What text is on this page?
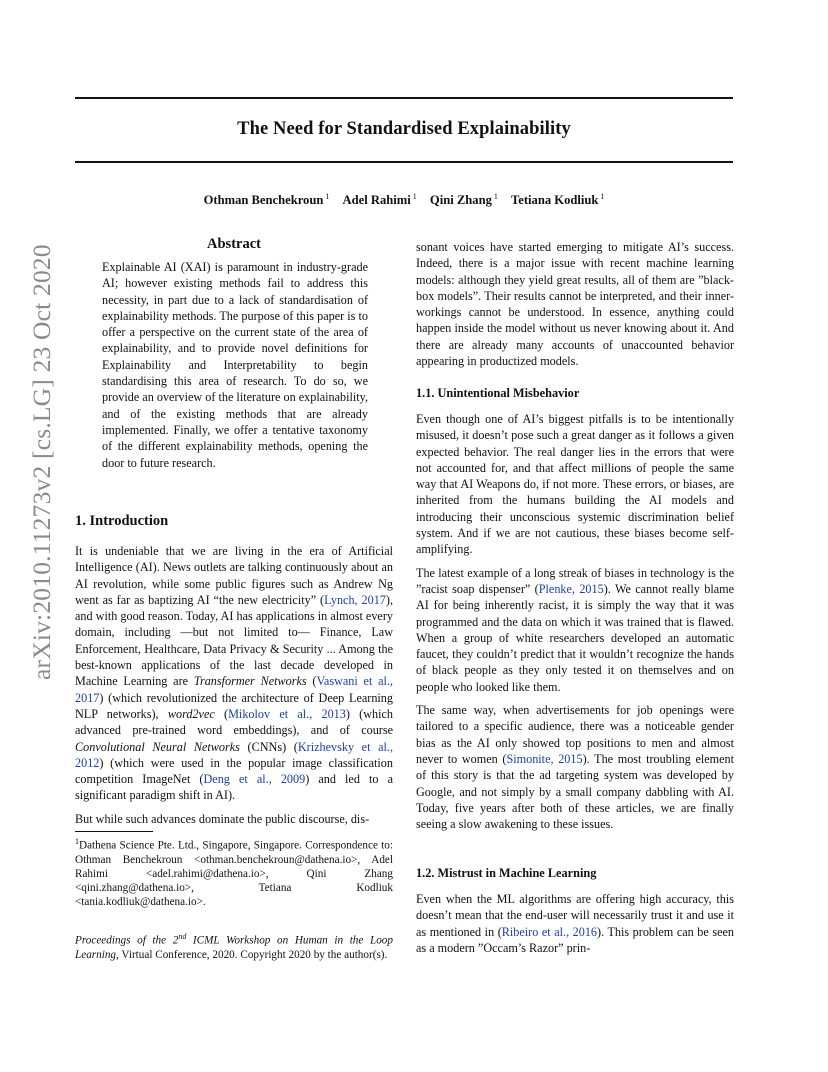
The Need for Standardised Explainability
Othman Benchekroun $^1$ Adel Rahimi $^1$ Qini Zhang $^1$ Tetiana Kodliuk $^1$
arXiv:2010.11273v2 [cs.LG] 23 Oct 2020
Abstract
Explainable AI (XAI) is paramount in industry-grade AI; however existing methods fail to address this necessity, in part due to a lack of standardisation of explainability methods. The purpose of this paper is to offer a perspective on the current state of the area of explainability, and to provide novel definitions for Explainability and Interpretability to begin standardising this area of research. To do so, we provide an overview of the literature on explainability, and of the existing methods that are already implemented. Finally, we offer a tentative taxonomy of the different explainability methods, opening the door to future research.
1. Introduction

It is undeniable that we are living in the era of Artificial Intelligence (AI). News outlets are talking continuously about an AI revolution, while some public figures such as Andrew Ng went as far as baptizing AI “the new electricity” (Lynch, 2017), and with good reason. Today, AI has applications in almost every domain, including —but not limited to— Finance, Law Enforcement, Healthcare, Data Privacy & Security ... Among the best-known applications of the last decade developed in Machine Learning are Transformer Networks (Vaswani et al., 2017) (which revolutionized the architecture of Deep Learning NLP networks), word2vec (Mikolov et al., 2013) (which advanced pre-trained word embeddings), and of course Convolutional Neural Networks (CNNs) (Krizhevsky et al., 2012) (which were used in the popular image classification competition ImageNet (Deng et al., 2009) and led to a significant paradigm shift in AI).

But while such advances dominate the public discourse, dis-

$^1$Dathena Science Pte. Ltd., Singapore, Singapore. Correspondence to: Othman Benchekroun <othman.benchekroun@dathena.io>, Adel Rahimi <adel.rahimi@dathena.io>, Qini Zhang <qini.zhang@dathena.io>, Tetiana Kodliuk <tania.kodliuk@dathena.io>.
Proceedings of the 2nd ICML Workshop on Human in the Loop Learning, Virtual Conference, 2020. Copyright 2020 by the author(s).

sonant voices have started emerging to mitigate AI’s success. Indeed, there is a major issue with recent machine learning models: although they yield great results, all of them are ”black-box models”. Their results cannot be interpreted, and their inner-workings cannot be understood. In essence, anything could happen inside the model without us never knowing about it. And there are already many accounts of unaccounted behavior appearing in productized models.

1.1. Unintentional Misbehavior

Even though one of AI’s biggest pitfalls is to be intentionally misused, it doesn’t pose such a great danger as it follows a given expected behavior. The real danger lies in the errors that were not accounted for, and that affect millions of people the same way that AI Weapons do, if not more. These errors, or biases, are inherited from the humans building the AI models and introducing their unconscious systemic discrimination belief system. And if we are not cautious, these biases become self-amplifying.

The latest example of a long streak of biases in technology is the ”racist soap dispenser” (Plenke, 2015). We cannot really blame AI for being inherently racist, it is simply the way that it was programmed and the data on which it was trained that is flawed. When a group of white researchers developed an automatic faucet, they couldn’t predict that it wouldn’t recognize the hands of black people as they only tested it on themselves and on people who looked like them.

The same way, when advertisements for job openings were tailored to a specific audience, there was a noticeable gender bias as the AI only showed top positions to men and almost never to women (Simonite, 2015). The most troubling element of this story is that the ad targeting system was developed by Google, and not simply by a small company dabbling with AI. Today, five years after both of these articles, we are finally seeing a slow awakening to these issues.

1.2. Mistrust in Machine Learning

Even when the ML algorithms are offering high accuracy, this doesn’t mean that the end-user will necessarily trust it and use it as mentioned in (Ribeiro et al., 2016). This problem can be seen as a modern ”Occam’s Razor” prin-
